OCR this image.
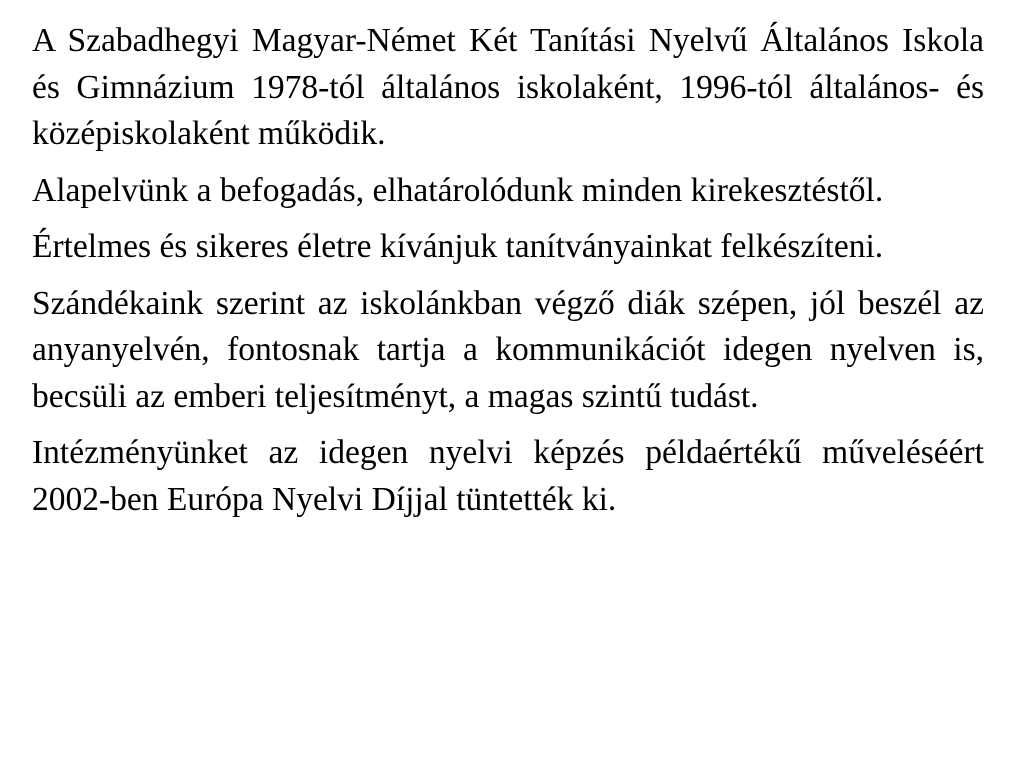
A Szabadhegyi Magyar-Német Két Tanítási Nyelvű Általános Iskola és Gimnázium 1978-tól általános iskolaként, 1996-tól általános- és középiskolaként működik.

Alapelvünk a befogadás, elhatárolódunk minden kirekesztéstől.

Értelmes és sikeres életre kívánjuk tanítványainkat felkészíteni.

Szándékaink szerint az iskolánkban végző diák szépen, jól beszél az anyanyelvén, fontosnak tartja a kommunikációt idegen nyelven is, becsüli az emberi teljesítményt, a magas szintű tudást.

Intézményünket az idegen nyelvi képzés példaértékű műveléséért 2002-ben Európa Nyelvi Díjjal tüntették ki.
